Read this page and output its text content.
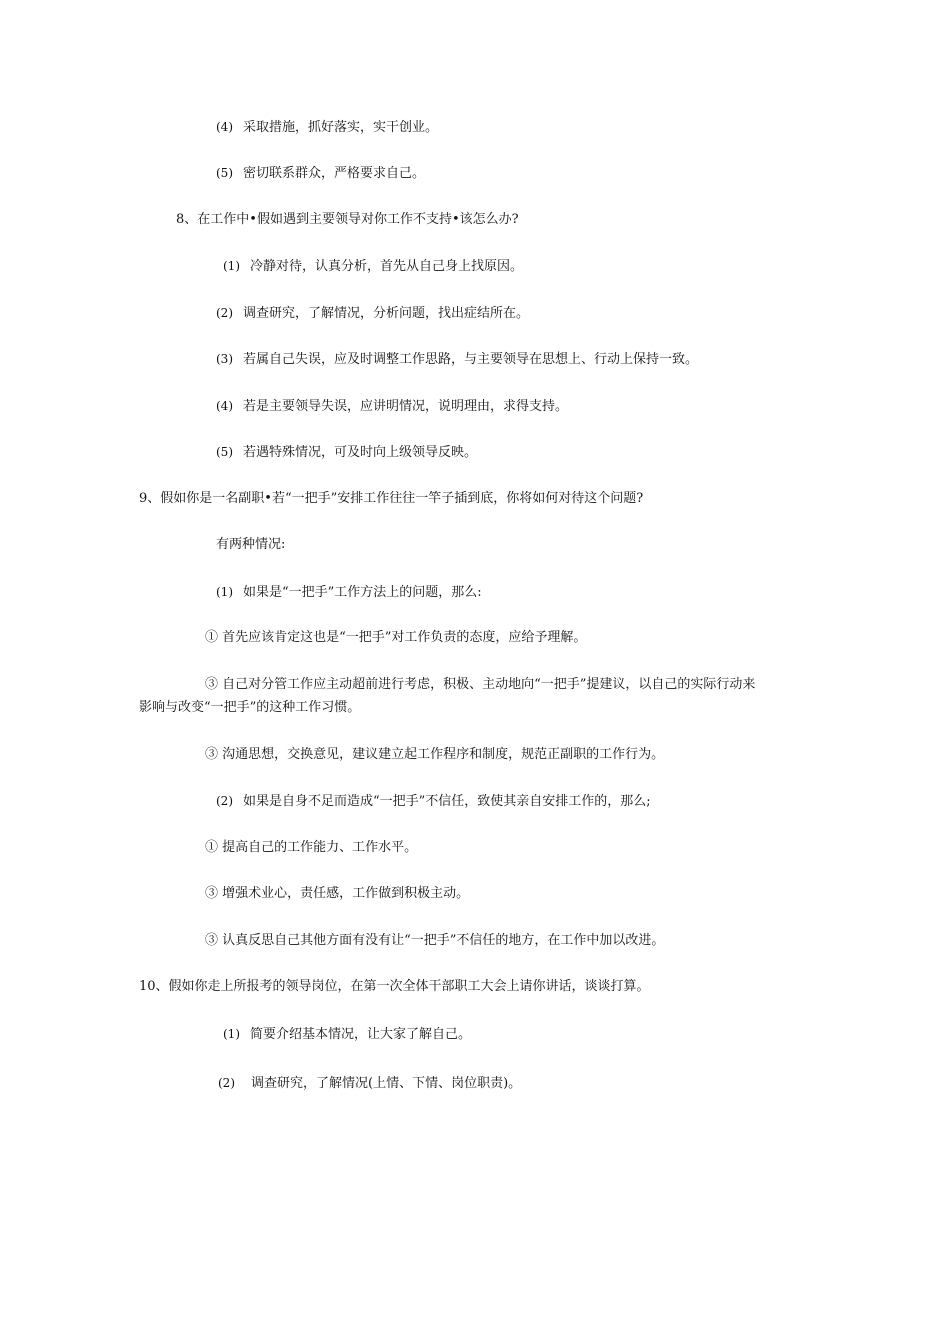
(4) 采取措施，抓好落实，实干创业。

(5) 密切联系群众，严格要求自己。

8、在工作中•假如遇到主要领导对你工作不支持•该怎么办?

(1) 冷静对待，认真分析，首先从自己身上找原因。

(2) 调查研究，了解情况，分析问题，找出症结所在。

(3) 若属自己失误，应及时调整工作思路，与主要领导在思想上、行动上保持一致。

(4) 若是主要领导失误，应讲明情况，说明理由，求得支持。

(5) 若遇特殊情况，可及时向上级领导反映。

9、假如你是一名副职•若“一把手”安排工作往往一竿子插到底，你将如何对待这个问题?

有两种情况:

(1) 如果是“一把手”工作方法上的问题，那么:

① 首先应该肯定这也是“一把手”对工作负责的态度，应给予理解。

③ 自己对分管工作应主动超前进行考虑，积极、主动地向“一把手”提建议，以自己的实际行动来

影响与改变“一把手”的这种工作习惯。

③ 沟通思想，交换意见，建议建立起工作程序和制度，规范正副职的工作行为。

(2) 如果是自身不足而造成“一把手”不信任，致使其亲自安排工作的，那么;

① 提高自己的工作能力、工作水平。

③ 增强术业心，责任感，工作做到积极主动。

③ 认真反思自己其他方面有没有让“一把手”不信任的地方，在工作中加以改进。

10、假如你走上所报考的领导岗位，在第一次全体干部职工大会上请你讲话，谈谈打算。

(1) 简要介绍基本情况，让大家了解自己。

(2) 调查研究，了解情况(上情、下情、岗位职责)。
